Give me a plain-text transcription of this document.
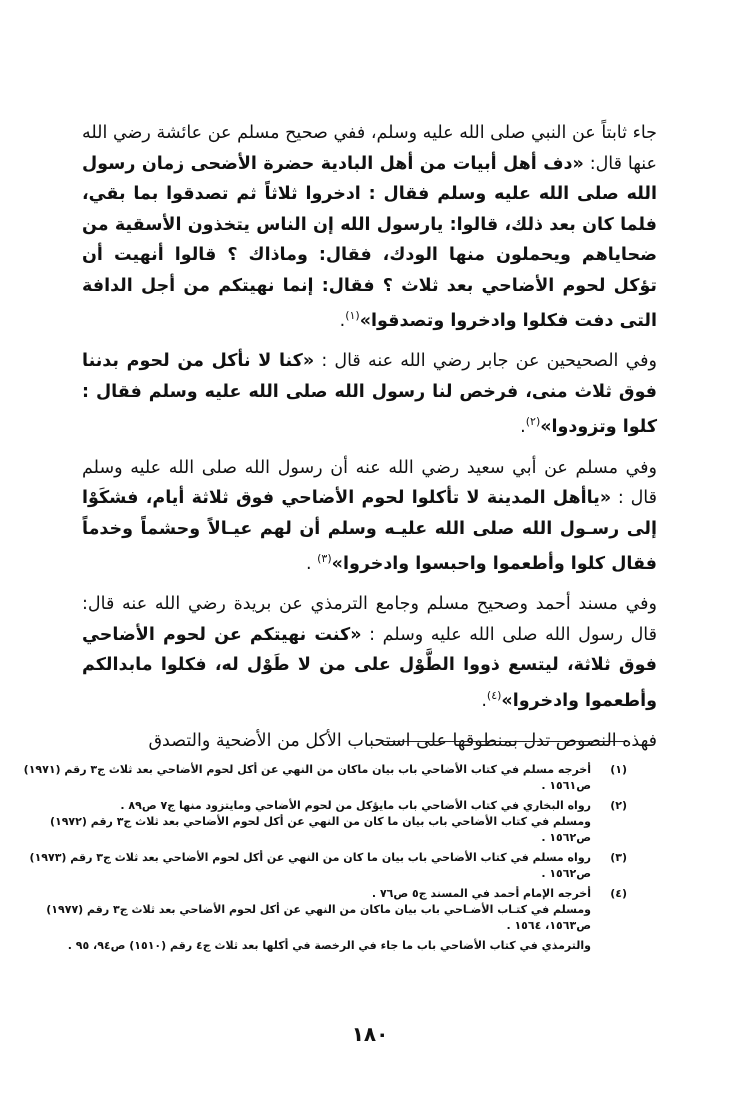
جاء ثابتاً عن النبي صلى الله عليه وسلم، ففي صحيح مسلم عن عائشة رضي الله عنها قال: «دف أهل أبيات من أهل البادية حضرة الأضحى زمان رسول الله صلى الله عليه وسلم فقال : ادخروا ثلاثاً ثم تصدقوا بما بقي، فلما كان بعد ذلك، قالوا: يارسول الله إن الناس يتخذون الأسقية من ضحاياهم ويحملون منها الودك، فقال: وماذاك ؟ قالوا أنهيت أن تؤكل لحوم الأضاحي بعد ثلاث ؟ فقال: إنما نهيتكم من أجل الدافة التى دفت فكلوا وادخروا وتصدقوا»$^{(١)}$.

وفي الصحيحين عن جابر رضي الله عنه قال : «كنا لا نأكل من لحوم بدننا فوق ثلاث منى، فرخص لنا رسول الله صلى الله عليه وسلم فقال : كلوا وتزودوا»$^{(٢)}$.

وفي مسلم عن أبي سعيد رضي الله عنه أن رسول الله صلى الله عليه وسلم قال : «ياأهل المدينة لا تأكلوا لحوم الأضاحي فوق ثلاثة أيام، فشكَوْا إلى رسـول الله صلى الله عليـه وسلم أن لهم عيـالاً وحشماً وخدماً فقال كلوا وأطعموا واحبسوا وادخروا»$^{(٣)}$ .

وفي مسند أحمد وصحيح مسلم وجامع الترمذي عن بريدة رضي الله عنه قال: قال رسول الله صلى الله عليه وسلم : «كنت نهيتكم عن لحوم الأضاحي فوق ثلاثة، ليتسع ذووا الطَّوْل على من لا طَوْل له، فكلوا مابدالكم وأطعموا وادخروا»$^{(٤)}$.

فهذه النصوص تدل بمنطوقها على استحباب الأكل من الأضحية والتصدق

(١)
أخرجه مسلم في كتاب الأضاحي باب بيان ماكان من النهي عن أكل لحوم الأضاحي بعد ثلاث ج٣ رقم (١٩٧١)
ص١٥٦١ .
(٢)
رواه البخاري في كتاب الأضاحي باب مايؤكل من لحوم الأضاحي ومايتزود منها ج٧ ص٨٩ .
ومسلم في كتاب الأضاحي باب بيان ما كان من النهي عن أكل لحوم الأضاحي بعد ثلاث ج٣ رقم (١٩٧٢)
ص١٥٦٢ .
(٣)
رواه مسلم في كتاب الأضاحي باب بيان ما كان من النهي عن أكل لحوم الأضاحي بعد ثلاث ج٣ رقم (١٩٧٣)
ص١٥٦٢ .
(٤)
أخرجه الإمام أحمد في المسند ج٥ ص٧٦ .
ومسلم في كتـاب الأضـاحي باب بيان ماكان من النهي عن أكل لحوم الأضاحي بعد ثلاث ج٣ رقم (١٩٧٧)
ص١٥٦٣، ١٥٦٤ .
والترمذي في كتاب الأضاحي باب ما جاء في الرخصة في أكلها بعد ثلاث ج٤ رقم (١٥١٠) ص٩٤، ٩٥ .
١٨٠
